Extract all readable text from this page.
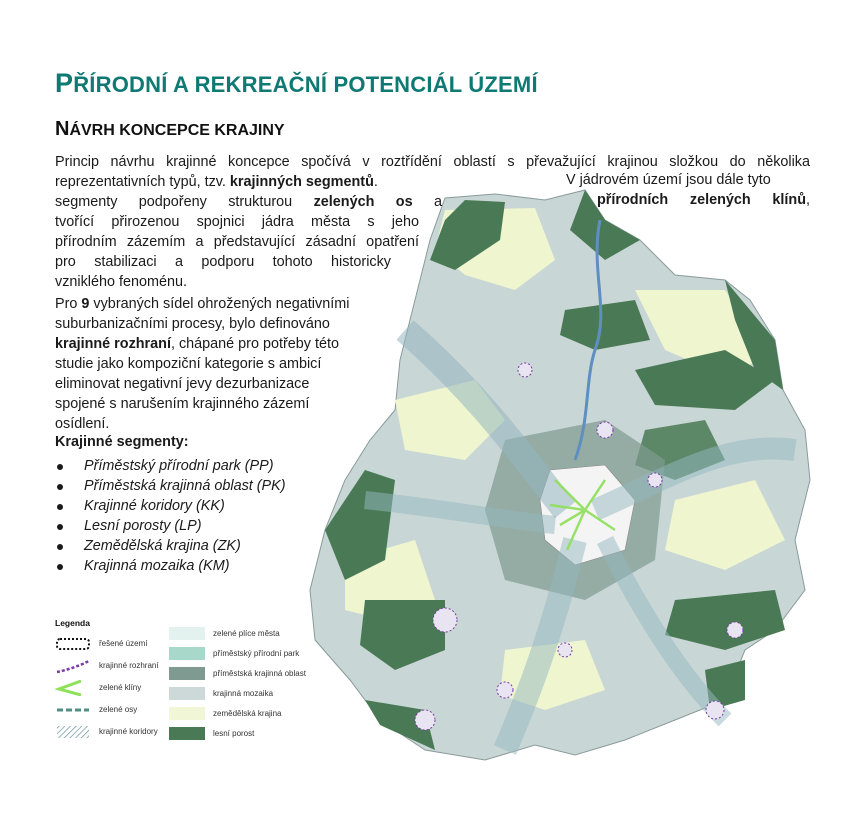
PŘÍRODNÍ A REKREAČNÍ POTENCIÁL ÚZEMÍ
NÁVRH KONCEPCE KRAJINY

Princip návrhu krajinné koncepce spočívá v roztřídění oblastí s převažující krajinou složkou do několika

reprezentativních typů, tzv. krajinných segmentů.	V jádrovém území jsou dále tyto

segmenty podpořeny strukturou zelených os a	přírodních zelených klínů,

tvořící přirozenou spojnici jádra města s jeho

přírodním zázemím a představující zásadní opatření

pro stabilizaci a podporu tohoto historicky

vzniklého fenoménu.

Pro 9 vybraných sídel ohrožených negativními

suburbanizačními procesy, bylo definováno

krajinné rozhraní, chápané pro potřeby této

studie jako kompoziční kategorie s ambicí

eliminovat negativní jevy dezurbanizace

spojené s narušením krajinného zázemí

osídlení.

Krajinné segmenty:

Příměstský přírodní park (PP)
Příměstská krajinná oblast (PK)
Krajinné koridory (KK)
Lesní porosty (LP)
Zemědělská krajina (ZK)
Krajinná mozaika (KM)
Legenda
řešené území
krajinné rozhraní
zelené klíny
zelené osy
krajinné koridory
zelené plíce města
příměstský přírodní park
příměstská krajinná oblast
krajinná mozaika
zemědělská krajina
lesní porost
